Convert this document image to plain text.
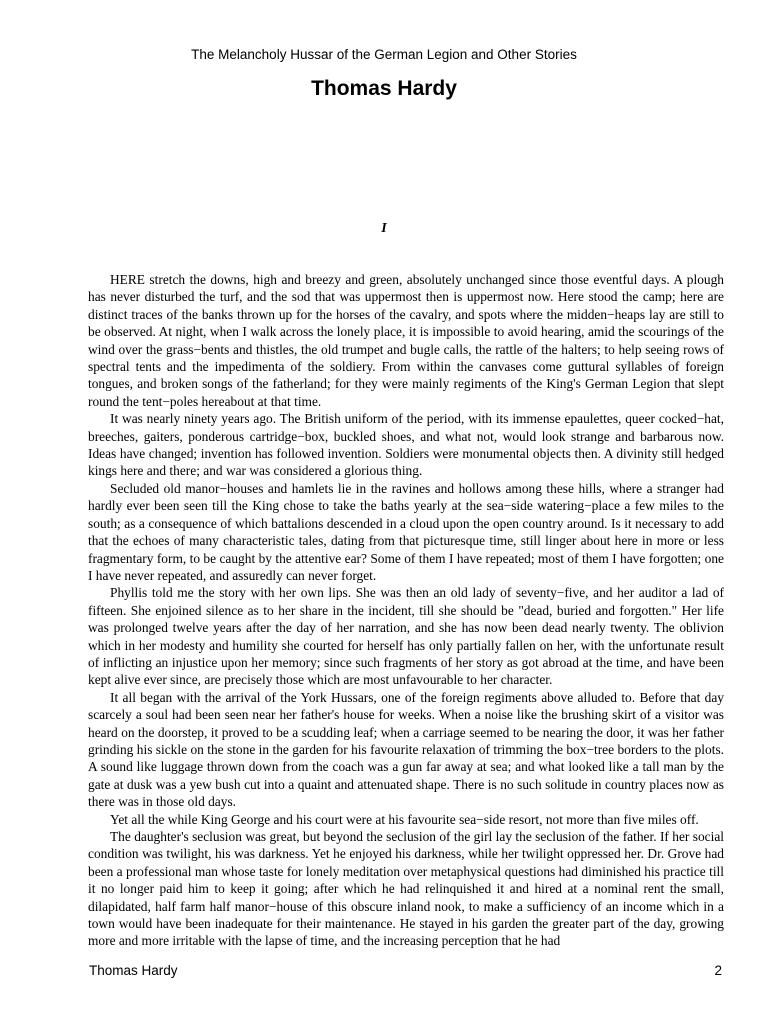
The Melancholy Hussar of the German Legion and Other Stories
Thomas Hardy
I

HERE stretch the downs, high and breezy and green, absolutely unchanged since those eventful days. A plough has never disturbed the turf, and the sod that was uppermost then is uppermost now. Here stood the camp; here are distinct traces of the banks thrown up for the horses of the cavalry, and spots where the midden−heaps lay are still to be observed. At night, when I walk across the lonely place, it is impossible to avoid hearing, amid the scourings of the wind over the grass−bents and thistles, the old trumpet and bugle calls, the rattle of the halters; to help seeing rows of spectral tents and the impedimenta of the soldiery. From within the canvases come guttural syllables of foreign tongues, and broken songs of the fatherland; for they were mainly regiments of the King's German Legion that slept round the tent−poles hereabout at that time.

It was nearly ninety years ago. The British uniform of the period, with its immense epaulettes, queer cocked−hat, breeches, gaiters, ponderous cartridge−box, buckled shoes, and what not, would look strange and barbarous now. Ideas have changed; invention has followed invention. Soldiers were monumental objects then. A divinity still hedged kings here and there; and war was considered a glorious thing.

Secluded old manor−houses and hamlets lie in the ravines and hollows among these hills, where a stranger had hardly ever been seen till the King chose to take the baths yearly at the sea−side watering−place a few miles to the south; as a consequence of which battalions descended in a cloud upon the open country around. Is it necessary to add that the echoes of many characteristic tales, dating from that picturesque time, still linger about here in more or less fragmentary form, to be caught by the attentive ear? Some of them I have repeated; most of them I have forgotten; one I have never repeated, and assuredly can never forget.

Phyllis told me the story with her own lips. She was then an old lady of seventy−five, and her auditor a lad of fifteen. She enjoined silence as to her share in the incident, till she should be "dead, buried and forgotten." Her life was prolonged twelve years after the day of her narration, and she has now been dead nearly twenty. The oblivion which in her modesty and humility she courted for herself has only partially fallen on her, with the unfortunate result of inflicting an injustice upon her memory; since such fragments of her story as got abroad at the time, and have been kept alive ever since, are precisely those which are most unfavourable to her character.

It all began with the arrival of the York Hussars, one of the foreign regiments above alluded to. Before that day scarcely a soul had been seen near her father's house for weeks. When a noise like the brushing skirt of a visitor was heard on the doorstep, it proved to be a scudding leaf; when a carriage seemed to be nearing the door, it was her father grinding his sickle on the stone in the garden for his favourite relaxation of trimming the box−tree borders to the plots. A sound like luggage thrown down from the coach was a gun far away at sea; and what looked like a tall man by the gate at dusk was a yew bush cut into a quaint and attenuated shape. There is no such solitude in country places now as there was in those old days.

Yet all the while King George and his court were at his favourite sea−side resort, not more than five miles off.

The daughter's seclusion was great, but beyond the seclusion of the girl lay the seclusion of the father. If her social condition was twilight, his was darkness. Yet he enjoyed his darkness, while her twilight oppressed her. Dr. Grove had been a professional man whose taste for lonely meditation over metaphysical questions had diminished his practice till it no longer paid him to keep it going; after which he had relinquished it and hired at a nominal rent the small, dilapidated, half farm half manor−house of this obscure inland nook, to make a sufficiency of an income which in a town would have been inadequate for their maintenance. He stayed in his garden the greater part of the day, growing more and more irritable with the lapse of time, and the increasing perception that he had

Thomas Hardy	2
